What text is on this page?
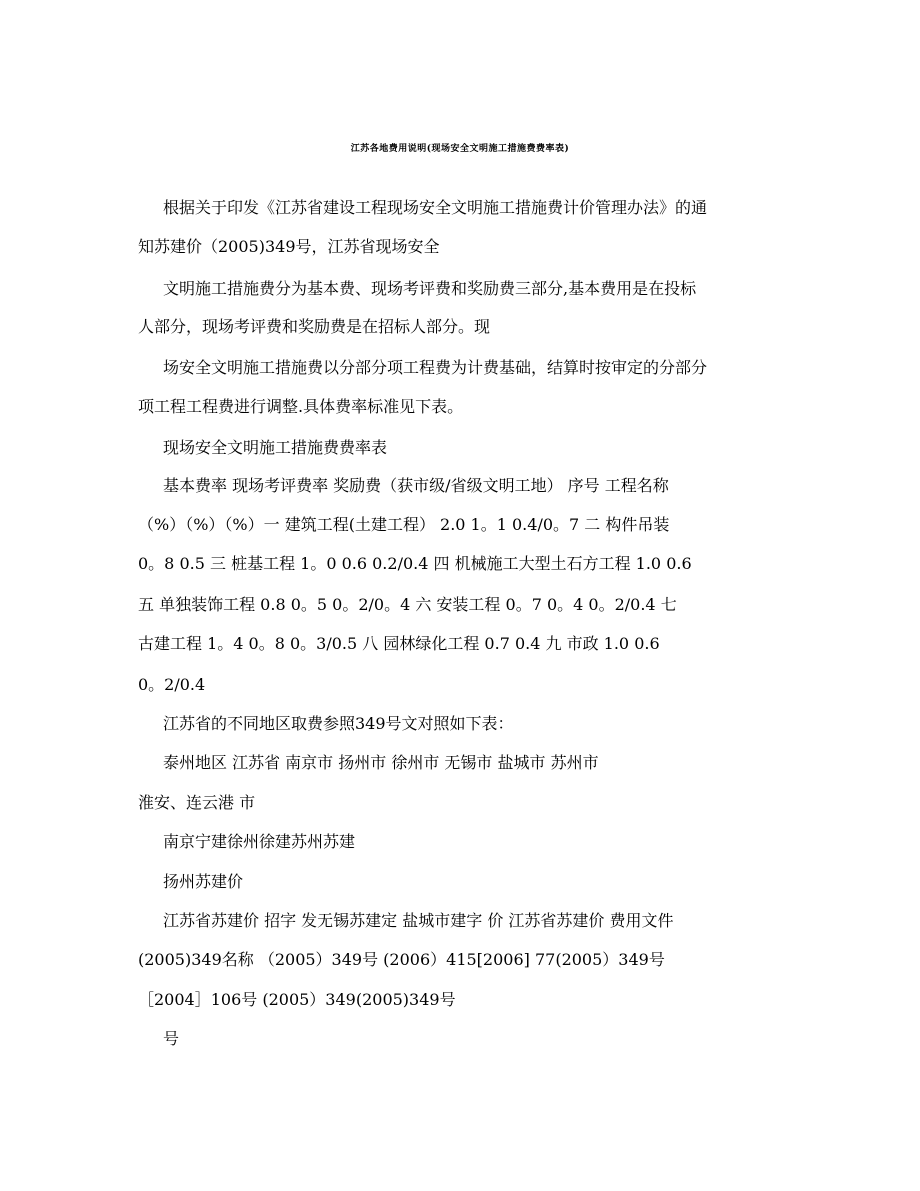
江苏各地费用说明(现场安全文明施工措施费费率表)
根据关于印发《江苏省建设工程现场安全文明施工措施费计价管理办法》的通
知苏建价（2005)349号，江苏省现场安全
文明施工措施费分为基本费、现场考评费和奖励费三部分,基本费用是在投标
人部分，现场考评费和奖励费是在招标人部分。现
场安全文明施工措施费以分部分项工程费为计费基础，结算时按审定的分部分
项工程工程费进行调整.具体费率标准见下表。
现场安全文明施工措施费费率表
基本费率 现场考评费率 奖励费（获市级/省级文明工地） 序号 工程名称
（%）（%）（%）一 建筑工程(土建工程） 2.0 1。1 0.4/0。7 二 构件吊装
0。8 0.5 三 桩基工程 1。0 0.6 0.2/0.4 四 机械施工大型土石方工程 1.0 0.6
五 单独装饰工程 0.8 0。5 0。2/0。4 六 安装工程 0。7 0。4 0。2/0.4 七
古建工程 1。4 0。8 0。3/0.5 八 园林绿化工程 0.7 0.4 九 市政 1.0 0.6
0。2/0.4
江苏省的不同地区取费参照349号文对照如下表：
泰州地区 江苏省 南京市 扬州市 徐州市 无锡市 盐城市 苏州市
淮安、连云港 市
南京宁建徐州徐建苏州苏建
扬州苏建价
江苏省苏建价 招字 发无锡苏建定 盐城市建字 价 江苏省苏建价 费用文件
(2005)349名称 （2005）349号 (2006）415[2006] 77(2005）349号
［2004］106号 (2005）349(2005)349号
号
